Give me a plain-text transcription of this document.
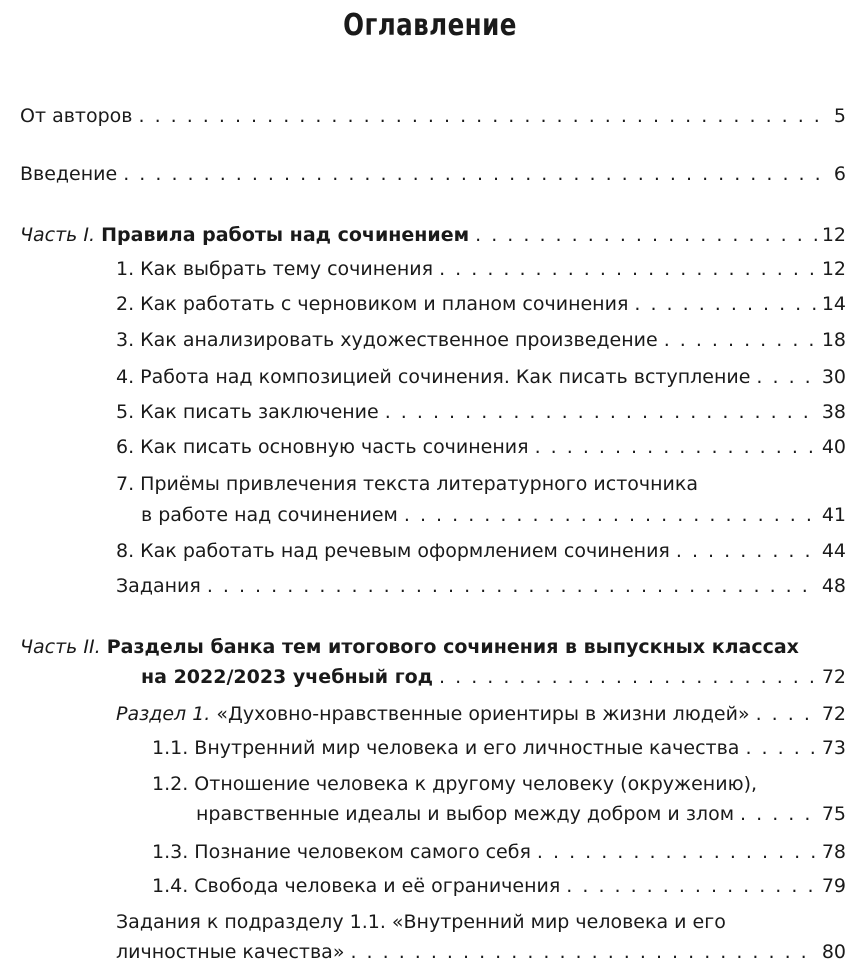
Оглавление
От авторов . . .	5
Введение . . .	6
Часть I. Правила работы над сочинением . . .	12
1. Как выбрать тему сочинения . . .	12
2. Как работать с черновиком и планом сочинения . . .	14
3. Как анализировать художественное произведение . . .	18
4. Работа над композицией сочинения. Как писать вступление . . .	30
5. Как писать заключение . . .	38
6. Как писать основную часть сочинения . . .	40
7. Приёмы привлечения текста литературного источника
в работе над сочинением . . .	41
8. Как работать над речевым оформлением сочинения . . .	44
Задания . . .	48
Часть II. Разделы банка тем итогового сочинения в выпускных классах
на 2022/2023 учебный год . . .	72
Раздел 1. «Духовно-нравственные ориентиры в жизни людей» . . .	72
1.1. Внутренний мир человека и его личностные качества . . .	73
1.2. Отношение человека к другому человеку (окружению),
нравственные идеалы и выбор между добром и злом . . .	75
1.3. Познание человеком самого себя . . .	78
1.4. Свобода человека и её ограничения . . .	79
Задания к подразделу 1.1. «Внутренний мир человека и его
личностные качества» . . .	80
